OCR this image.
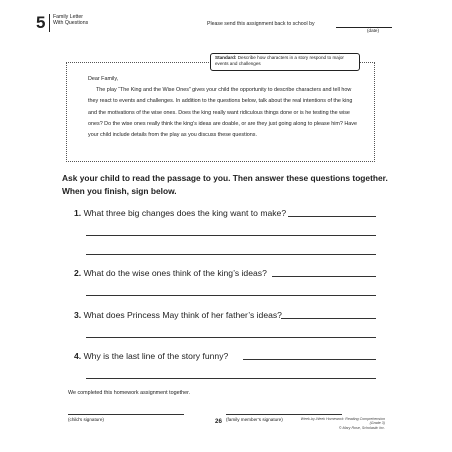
5 Family Letter
With Questions	Please send this assignment back to school by
(date)
Standard: Describe how characters in a story respond to major events and challenges
Dear Family,
The play “The King and the Wise Ones” gives your child the opportunity to describe characters and tell how they react to events and challenges. In addition to the questions below, talk about the real intentions of the king and the motivations of the wise ones. Does the king really want ridiculous things done or is he testing the wise ones? Do the wise ones really think the king’s ideas are doable, or are they just going along to please him? Have your child include details from the play as you discuss these questions.
Ask your child to read the passage to you. Then answer these questions together. When you finish, sign below.
1. What three big changes does the king want to make?
2. What do the wise ones think of the king’s ideas?
3. What does Princess May think of her father’s ideas?
4. Why is the last line of the story funny?
We completed this homework assignment together.
(child’s signature)	(family member’s signature)
26	Week-by-Week Homework: Reading Comprehension (Grade 3)
© Mary Rose, Scholastic Inc.
